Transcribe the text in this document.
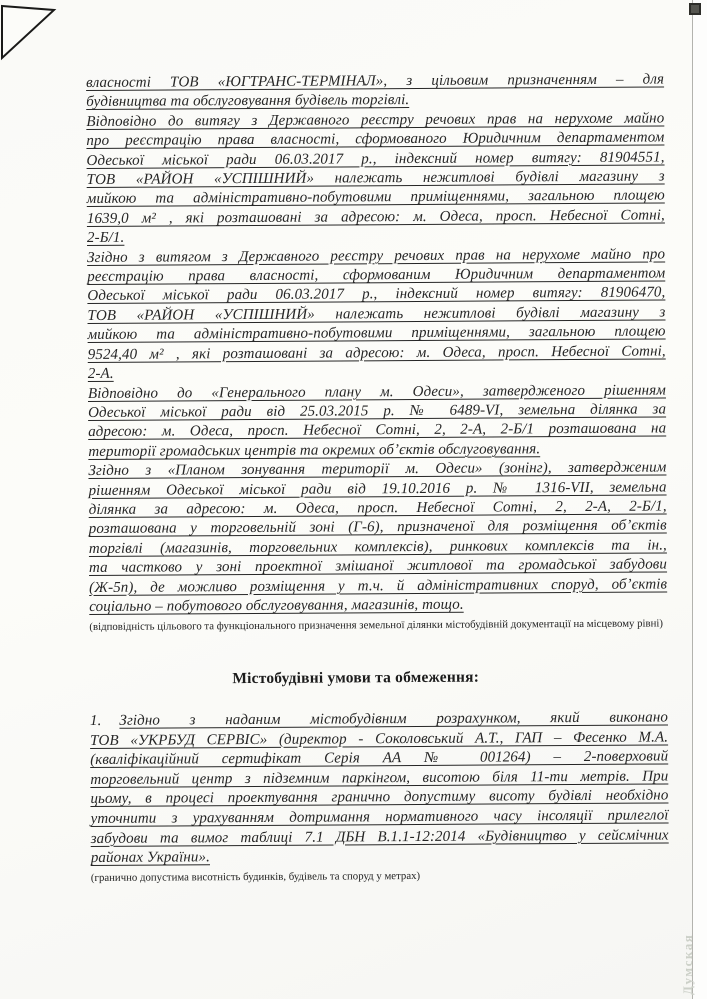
власності ТОВ «ЮГТРАНС-ТЕРМІНАЛ», з цільовим призначенням – для
будівництва та обслуговування будівель торгівлі.
Відповідно до витягу з Державного реєстру речових прав на нерухоме майно
про реєстрацію права власності, сформованого Юридичним департаментом
Одеської міської ради 06.03.2017 р., індексний номер витягу: 81904551,
ТОВ «РАЙОН «УСПІШНИЙ» належать нежитлові будівлі магазину з
мийкою та адміністративно-побутовими приміщеннями, загальною площею
1639,0 м² , які розташовані за адресою: м. Одеса, просп. Небесної Сотні,
2-Б/1.
Згідно з витягом з Державного реєстру речових прав на нерухоме майно про
реєстрацію права власності, сформованим Юридичним департаментом
Одеської міської ради 06.03.2017 р., індексний номер витягу: 81906470,
ТОВ «РАЙОН «УСПІШНИЙ» належать нежитлові будівлі магазину з
мийкою та адміністративно-побутовими приміщеннями, загальною площею
9524,40 м² , які розташовані за адресою: м. Одеса, просп. Небесної Сотні,
2-А.
Відповідно до «Генерального плану м. Одеси», затвердженого рішенням
Одеської міської ради від 25.03.2015 р. № 6489-VI, земельна ділянка за
адресою: м. Одеса, просп. Небесної Сотні, 2, 2-А, 2-Б/1 розташована на
території громадських центрів та окремих об’єктів обслуговування.
Згідно з «Планом зонування території м. Одеси» (зонінг), затвердженим
рішенням Одеської міської ради від 19.10.2016 р. № 1316-VII, земельна
ділянка за адресою: м. Одеса, просп. Небесної Сотні, 2, 2-А, 2-Б/1,
розташована у торговельній зоні (Г-6), призначеної для розміщення об’єктів
торгівлі (магазинів, торговельних комплексів), ринкових комплексів та ін.,
та частково у зоні проектної змішаної житлової та громадської забудови
(Ж-5п), де можливо розміщення у т.ч. й адміністративних споруд, об’єктів
соціально – побутового обслуговування, магазинів, тощо.
(відповідність цільового та функціонального призначення земельної ділянки містобудівній документації на місцевому рівні)
Містобудівні умови та обмеження:
1. Згідно з наданим містобудівним розрахунком, який виконано
ТОВ «УКРБУД СЕРВІС» (директор - Соколовський А.Т., ГАП – Фесенко М.А.
(кваліфікаційний сертифікат Серія АА № 001264) – 2-поверховий
торговельний центр з підземним паркінгом, висотою біля 11-ти метрів. При
цьому, в процесі проектування гранично допустиму висоту будівлі необхідно
уточнити з урахуванням дотримання нормативного часу інсоляції прилеглої
забудови та вимог таблиці 7.1 ДБН В.1.1-12:2014 «Будівництво у сейсмічних
районах України».
(гранично допустима висотність будинків, будівель та споруд у метрах)
Думская
